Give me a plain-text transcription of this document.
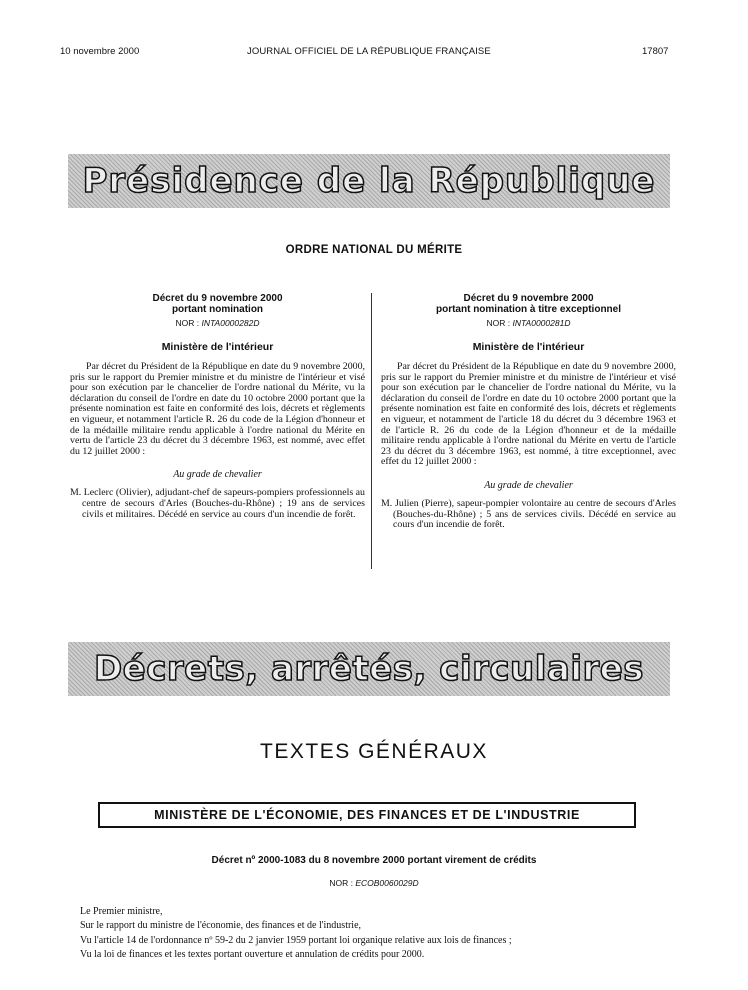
10 novembre 2000	JOURNAL OFFICIEL DE LA RÉPUBLIQUE FRANÇAISE	17807
Présidence de la République
ORDRE NATIONAL DU MÉRITE
Décret du 9 novembre 2000
portant nomination
NOR : INTA0000282D
Ministère de l'intérieur
Par décret du Président de la République en date du 9 novembre 2000, pris sur le rapport du Premier ministre et du ministre de l'intérieur et visé pour son exécution par le chancelier de l'ordre national du Mérite, vu la déclaration du conseil de l'ordre en date du 10 octobre 2000 portant que la présente nomination est faite en conformité des lois, décrets et règlements en vigueur, et notamment l'article R. 26 du code de la Légion d'honneur et de la médaille militaire rendu applicable à l'ordre national du Mérite en vertu de l'article 23 du décret du 3 décembre 1963, est nommé, avec effet du 12 juillet 2000 :
Au grade de chevalier
M. Leclerc (Olivier), adjudant-chef de sapeurs-pompiers professionnels au centre de secours d'Arles (Bouches-du-Rhône) ; 19 ans de services civils et militaires. Décédé en service au cours d'un incendie de forêt.
Décret du 9 novembre 2000
portant nomination à titre exceptionnel
NOR : INTA0000281D
Ministère de l'intérieur
Par décret du Président de la République en date du 9 novembre 2000, pris sur le rapport du Premier ministre et du ministre de l'intérieur et visé pour son exécution par le chancelier de l'ordre national du Mérite, vu la déclaration du conseil de l'ordre en date du 10 octobre 2000 portant que la présente nomination est faite en conformité des lois, décrets et règlements en vigueur, et notamment de l'article 18 du décret du 3 décembre 1963 et de l'article R. 26 du code de la Légion d'honneur et de la médaille militaire rendu applicable à l'ordre national du Mérite en vertu de l'article 23 du décret du 3 décembre 1963, est nommé, à titre exceptionnel, avec effet du 12 juillet 2000 :
Au grade de chevalier
M. Julien (Pierre), sapeur-pompier volontaire au centre de secours d'Arles (Bouches-du-Rhône) ; 5 ans de services civils. Décédé en service au cours d'un incendie de forêt.
Décrets, arrêtés, circulaires
TEXTES GÉNÉRAUX
MINISTÈRE DE L'ÉCONOMIE, DES FINANCES ET DE L'INDUSTRIE
Décret nº 2000-1083 du 8 novembre 2000 portant virement de crédits
NOR : ECOB0060029D
Le Premier ministre,
Sur le rapport du ministre de l'économie, des finances et de l'industrie,
Vu l'article 14 de l'ordonnance nº 59-2 du 2 janvier 1959 portant loi organique relative aux lois de finances ;
Vu la loi de finances et les textes portant ouverture et annulation de crédits pour 2000.
